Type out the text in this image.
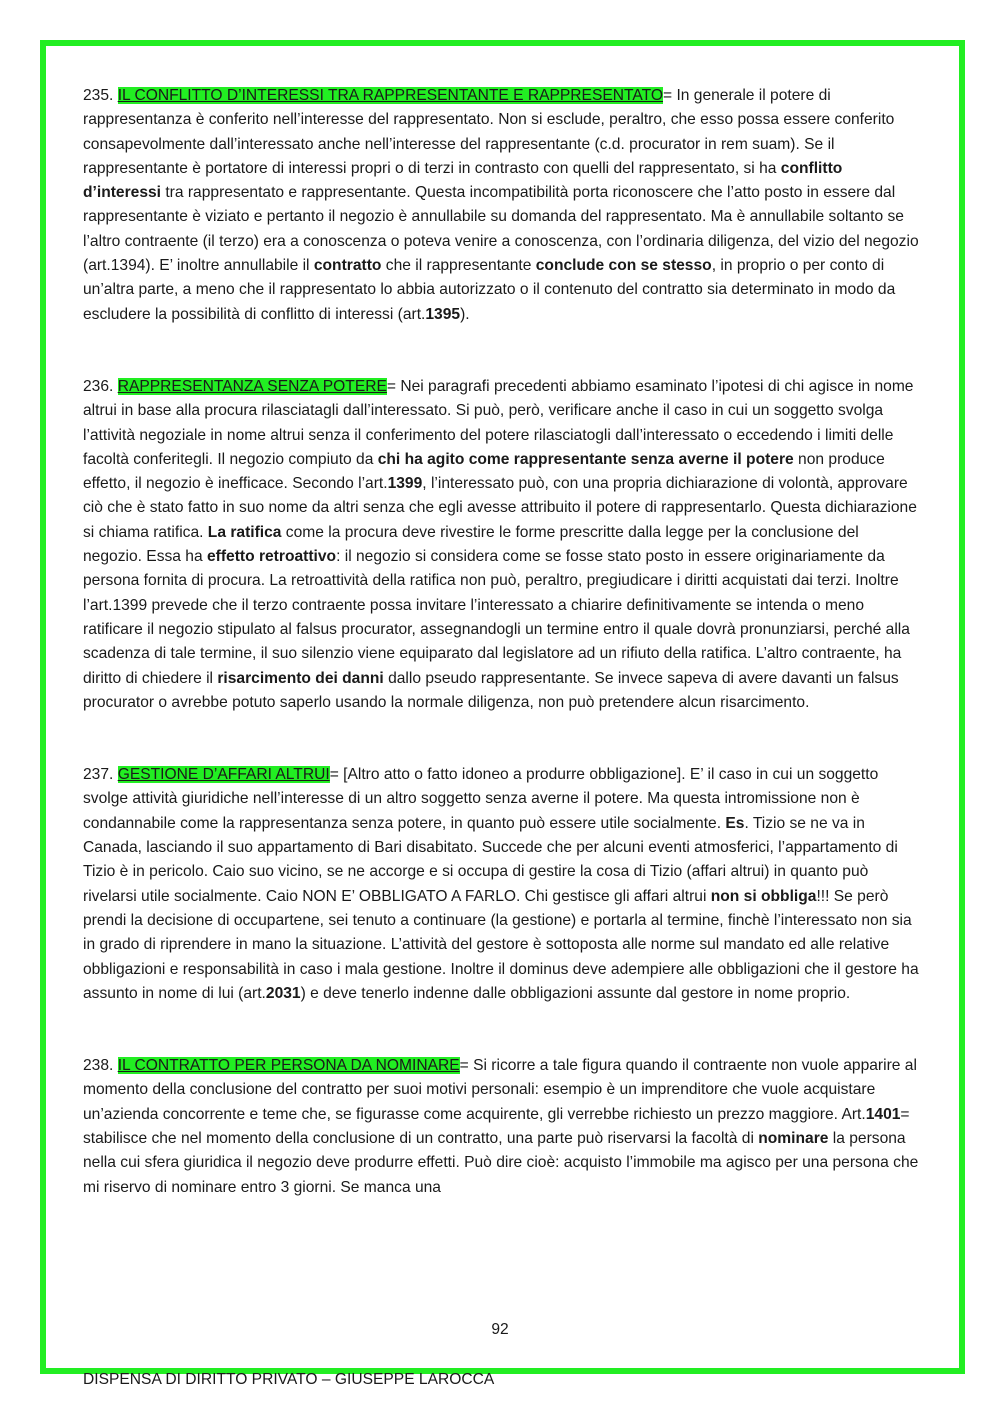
235. IL CONFLITTO D’INTERESSI TRA RAPPRESENTANTE E RAPPRESENTATO= In generale il potere di rappresentanza è conferito nell’interesse del rappresentato. Non si esclude, peraltro, che esso possa essere conferito consapevolmente dall’interessato anche nell’interesse del rappresentante (c.d. procurator in rem suam). Se il rappresentante è portatore di interessi propri o di terzi in contrasto con quelli del rappresentato, si ha conflitto d’interessi tra rappresentato e rappresentante. Questa incompatibilità porta riconoscere che l’atto posto in essere dal rappresentante è viziato e pertanto il negozio è annullabile su domanda del rappresentato. Ma è annullabile soltanto se l’altro contraente (il terzo) era a conoscenza o poteva venire a conoscenza, con l’ordinaria diligenza, del vizio del negozio (art.1394). E’ inoltre annullabile il contratto che il rappresentante conclude con se stesso, in proprio o per conto di un’altra parte, a meno che il rappresentato lo abbia autorizzato o il contenuto del contratto sia determinato in modo da escludere la possibilità di conflitto di interessi (art.1395).

236. RAPPRESENTANZA SENZA POTERE= Nei paragrafi precedenti abbiamo esaminato l’ipotesi di chi agisce in nome altrui in base alla procura rilasciatagli dall’interessato. Si può, però, verificare anche il caso in cui un soggetto svolga l’attività negoziale in nome altrui senza il conferimento del potere rilasciatogli dall’interessato o eccedendo i limiti delle facoltà conferitegli. Il negozio compiuto da chi ha agito come rappresentante senza averne il potere non produce effetto, il negozio è inefficace. Secondo l’art.1399, l’interessato può, con una propria dichiarazione di volontà, approvare ciò che è stato fatto in suo nome da altri senza che egli avesse attribuito il potere di rappresentarlo. Questa dichiarazione si chiama ratifica. La ratifica come la procura deve rivestire le forme prescritte dalla legge per la conclusione del negozio. Essa ha effetto retroattivo: il negozio si considera come se fosse stato posto in essere originariamente da persona fornita di procura. La retroattività della ratifica non può, peraltro, pregiudicare i diritti acquistati dai terzi. Inoltre l’art.1399 prevede che il terzo contraente possa invitare l’interessato a chiarire definitivamente se intenda o meno ratificare il negozio stipulato al falsus procurator, assegnandogli un termine entro il quale dovrà pronunziarsi, perché alla scadenza di tale termine, il suo silenzio viene equiparato dal legislatore ad un rifiuto della ratifica. L’altro contraente, ha diritto di chiedere il risarcimento dei danni dallo pseudo rappresentante. Se invece sapeva di avere davanti un falsus procurator o avrebbe potuto saperlo usando la normale diligenza, non può pretendere alcun risarcimento.

237. GESTIONE D’AFFARI ALTRUI= [Altro atto o fatto idoneo a produrre obbligazione]. E’ il caso in cui un soggetto svolge attività giuridiche nell’interesse di un altro soggetto senza averne il potere. Ma questa intromissione non è condannabile come la rappresentanza senza potere, in quanto può essere utile socialmente. Es. Tizio se ne va in Canada, lasciando il suo appartamento di Bari disabitato. Succede che per alcuni eventi atmosferici, l’appartamento di Tizio è in pericolo. Caio suo vicino, se ne accorge e si occupa di gestire la cosa di Tizio (affari altrui) in quanto può rivelarsi utile socialmente. Caio NON E’ OBBLIGATO A FARLO. Chi gestisce gli affari altrui non si obbliga!!! Se però prendi la decisione di occupartene, sei tenuto a continuare (la gestione) e portarla al termine, finchè l’interessato non sia in grado di riprendere in mano la situazione. L’attività del gestore è sottoposta alle norme sul mandato ed alle relative obbligazioni e responsabilità in caso i mala gestione. Inoltre il dominus deve adempiere alle obbligazioni che il gestore ha assunto in nome di lui (art.2031) e deve tenerlo indenne dalle obbligazioni assunte dal gestore in nome proprio.

238. IL CONTRATTO PER PERSONA DA NOMINARE= Si ricorre a tale figura quando il contraente non vuole apparire al momento della conclusione del contratto per suoi motivi personali: esempio è un imprenditore che vuole acquistare un’azienda concorrente e teme che, se figurasse come acquirente, gli verrebbe richiesto un prezzo maggiore. Art.1401= stabilisce che nel momento della conclusione di un contratto, una parte può riservarsi la facoltà di nominare la persona nella cui sfera giuridica il negozio deve produrre effetti. Può dire cioè: acquisto l’immobile ma agisco per una persona che mi riservo di nominare entro 3 giorni. Se manca una

92
DISPENSA DI DIRITTO PRIVATO – GIUSEPPE LAROCCA
